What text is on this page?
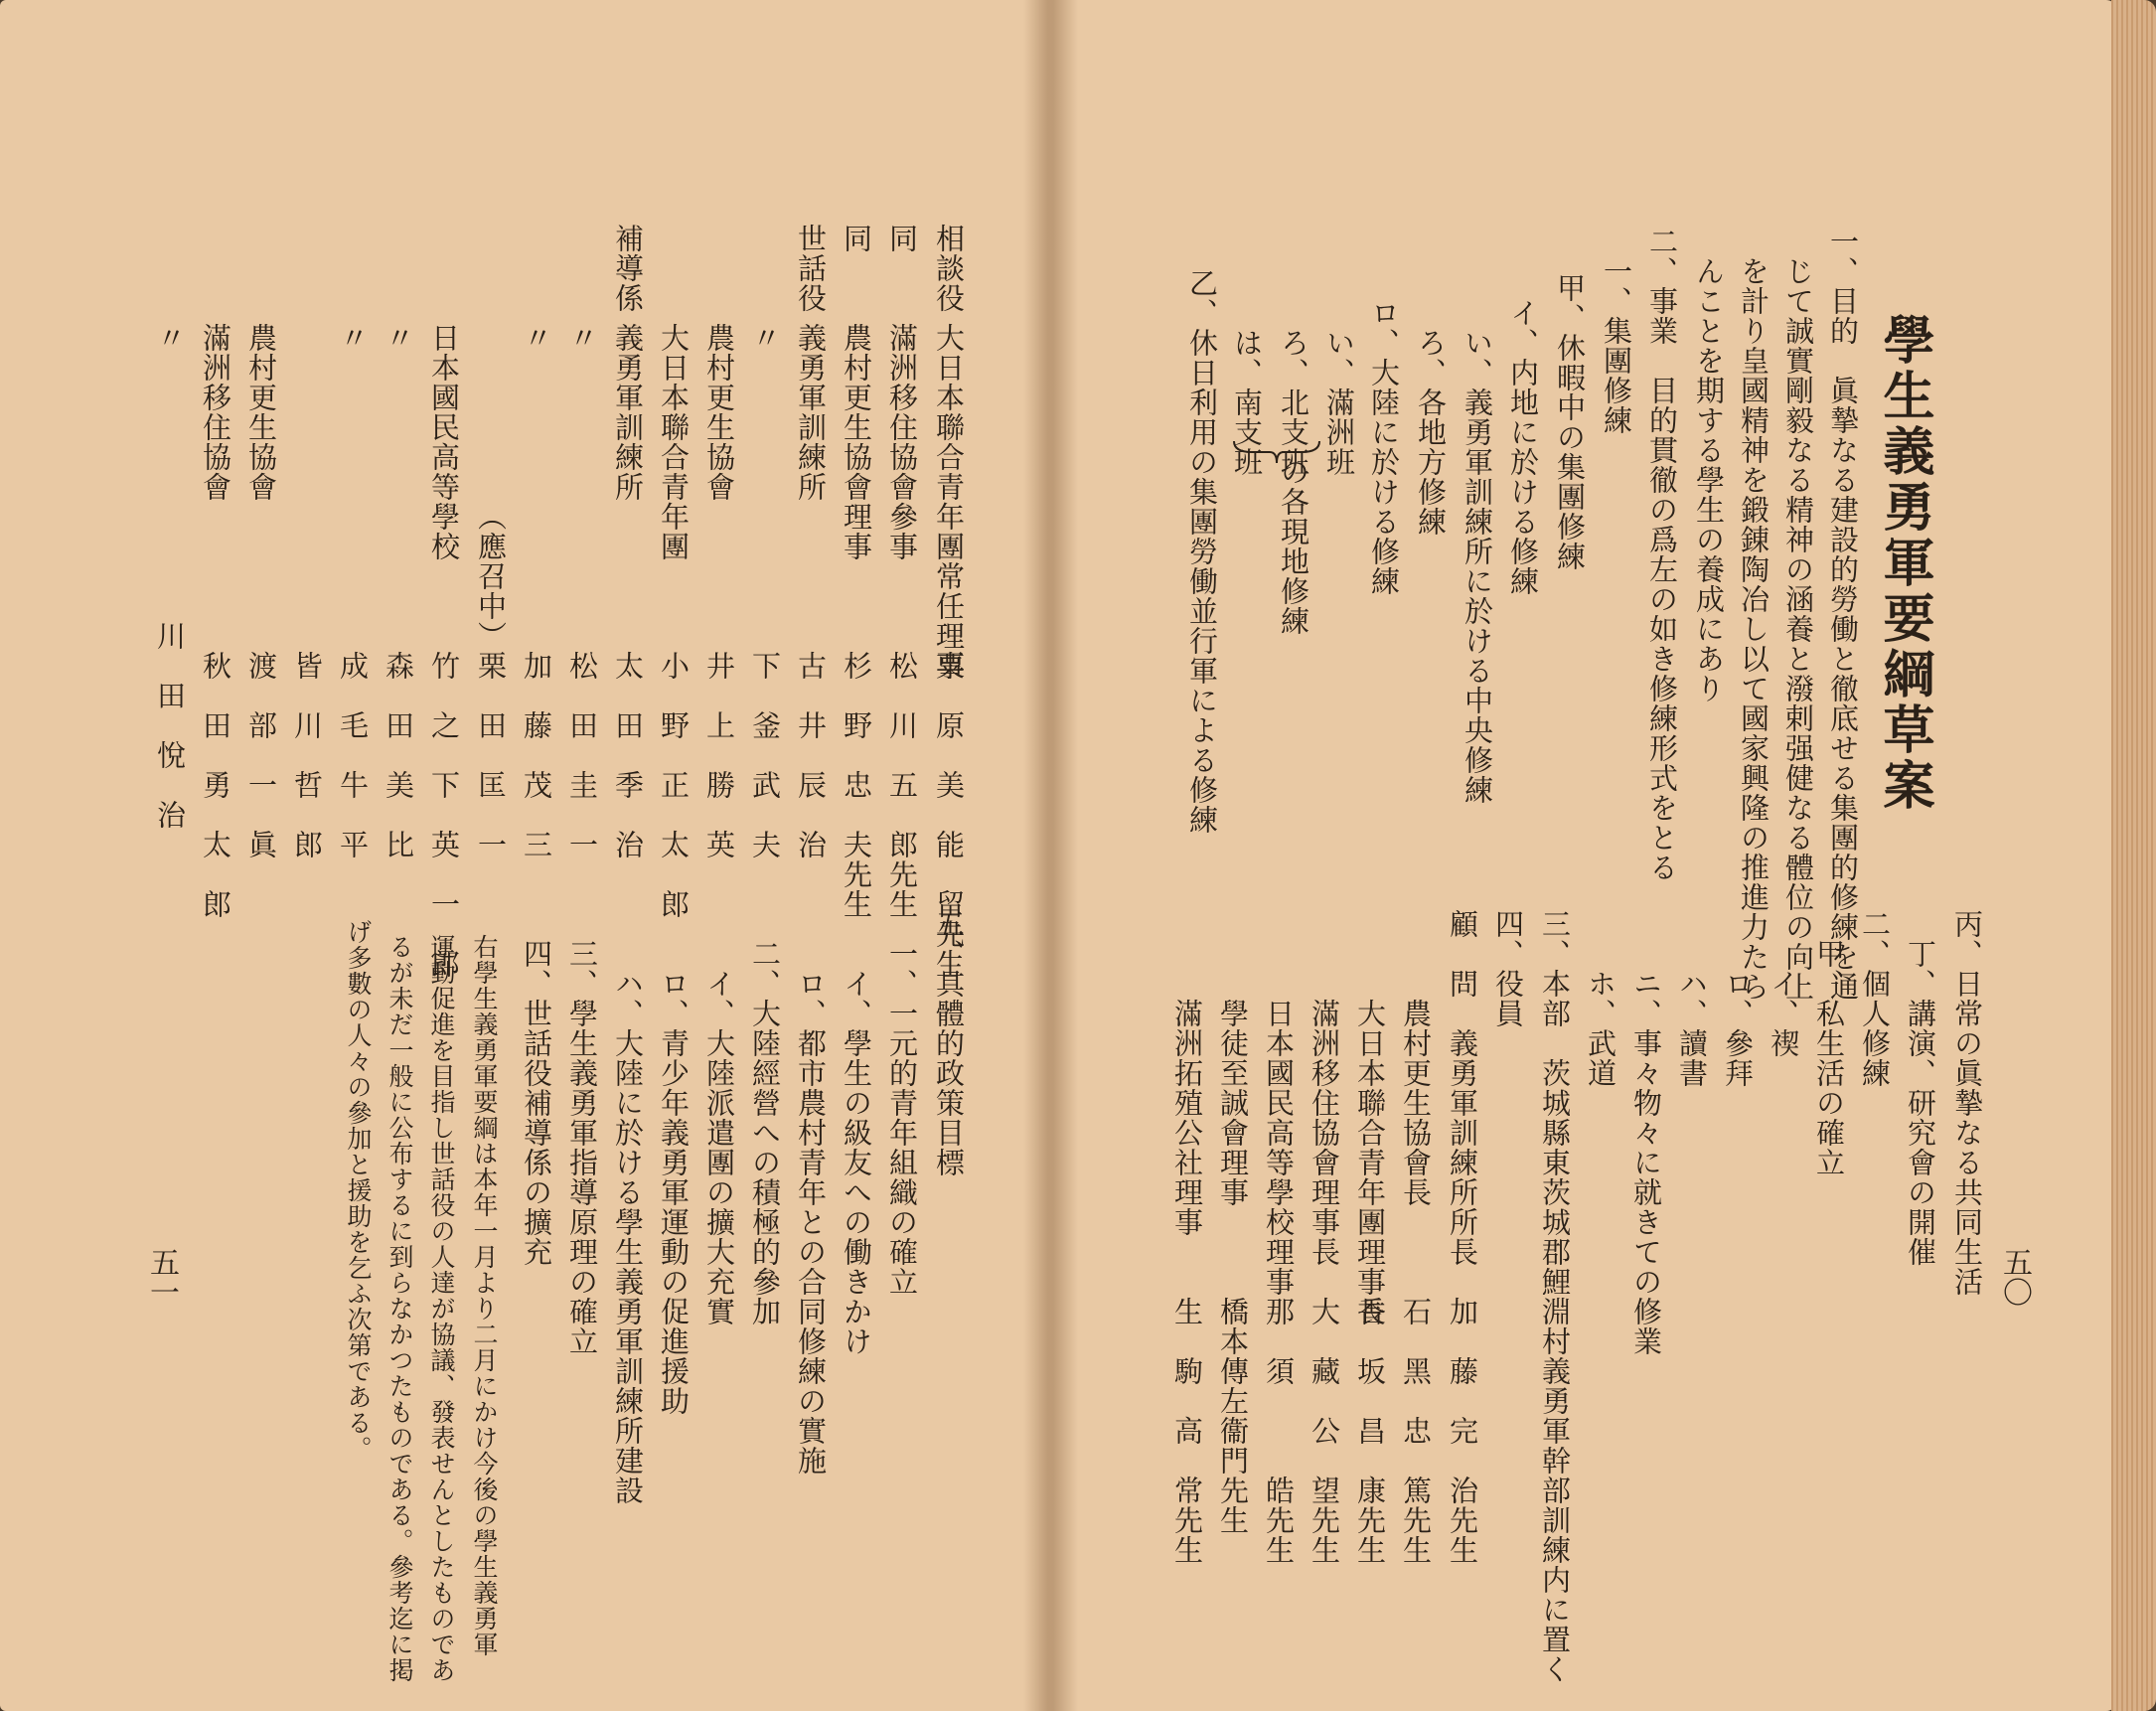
學生義勇軍要綱草案
一、目的　眞摯なる建設的勞働と徹底せる集團的修練を通
じて誠實剛毅なる精神の涵養と潑剌强健なる體位の向上
を計り皇國精神を鍛錬陶冶し以て國家興隆の推進力たら
んことを期する學生の養成にあり
二、事業　目的貫徹の爲左の如き修練形式をとる
一、集團修練
甲、休暇中の集團修練
イ、内地に於ける修練
い、義勇軍訓練所に於ける中央修練
ろ、各地方修練
ロ、大陸に於ける修練
い、滿洲班
ろ、北支班
は、南支班
乙、休日利用の集團勞働並行軍による修練 の各現地修練
丙、日常の眞摯なる共同生活
丁、講演、研究會の開催
二、個人修練
甲、私生活の確立
イ、禊
ロ、參拜
ハ、讀書
ニ、事々物々に就きての修業
ホ、武道
三、本部　茨城縣東茨城郡鯉淵村義勇軍幹部訓練内に置く
四、役員
顧　問　義勇軍訓練所所長
農村更生協會長
大日本聯合青年團理事長
滿洲移住協會理事長
日本國民高等學校理事
學徒至誠會理事
滿洲拓殖公社理事
加　藤　完　治先生
石　黑　忠　篤先生
香　坂　昌　康先生
大　藏　公　望先生
那　須　　　皓先生
橋本傳左衞門先生
生　駒　高　常先生
五〇
相談役
同
同
世話役
補導係
大日本聯合青年團常任理事
滿洲移住協會參事
農村更生協會理事
義勇軍訓練所
〃
農村更生協會
大日本聯合青年團
義勇軍訓練所
〃
〃
日本國民高等學校
〃
〃
農村更生協會
滿洲移住協會
〃
粟　原　美　能　留先生
松　川　五　郎先生
杉　野　忠　夫先生
古　井　辰　治
下　釜　武　夫
井　上　勝　英
小　野　正　太　郎
太　田　季　治
松　田　圭　一
加　藤　茂　三
（應召中）栗　田　匡　一
竹　之　下　英　一　郎
森　田　美　比
成　毛　牛　平
皆　川　哲　郎
渡　部　一　眞
秋　田　勇　太　郎
川　田　悅　治
五、具體的政策目標
一、一元的青年組織の確立
イ、學生の級友への働きかけ
ロ、都市農村青年との合同修練の實施
二、大陸經營への積極的參加
イ、大陸派遣團の擴大充實
ロ、青少年義勇軍運動の促進援助
ハ、大陸に於ける學生義勇軍訓練所建設
三、學生義勇軍指導原理の確立
四、世話役補導係の擴充
右學生義勇軍要綱は本年一月より二月にかけ今後の學生義勇軍
運動促進を目指し世話役の人達が協議、發表せんとしたものであ
るが未だ一般に公布するに到らなかつたものである。參考迄に掲
げ多數の人々の參加と援助を乞ふ次第である。
五一
